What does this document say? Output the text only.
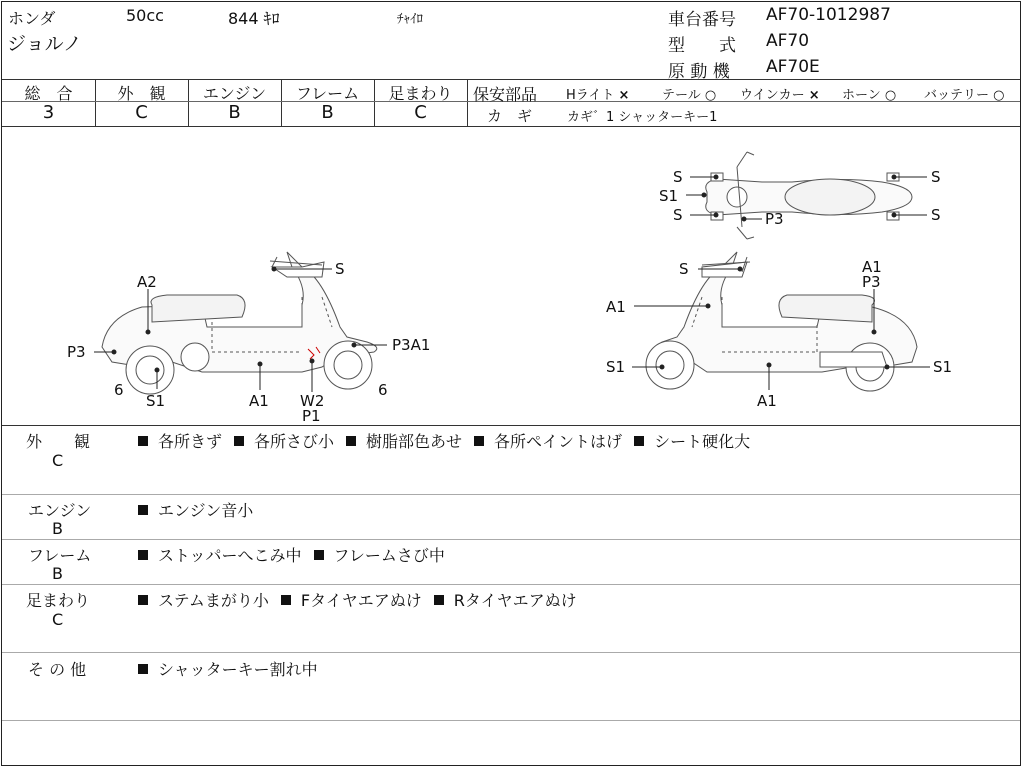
ホンダ	50cc	844 ｷﾛ	ﾁｬｲﾛ
ジョルノ
車台番号 AF70-1012987
型　　式 AF70
原 動 機 AF70E
総　合	外　観	エンジン	フレーム	足まわり
3	C	B	B	C
保安部品 Hライト ×	テール ○ ウインカー × ホーン ○ バッテリー ○
カ　ギ	カギ゛1 シャッターキー1
S
A2
P3
6
S1	A1 W2
P1
P3A1
6
S
S1
S	P3
S
S
S
A1
A1
P3
S1	S1
A1
外　　観
C
各所きず 各所さび小 樹脂部色あせ 各所ペイントはげ シート硬化大
エンジン
B
エンジン音小
フレーム
B
ストッパーへこみ中 フレームさび中
足まわり
C
ステムまがり小 Fタイヤエアぬけ Rタイヤエアぬけ
そ の 他	シャッターキー割れ中
